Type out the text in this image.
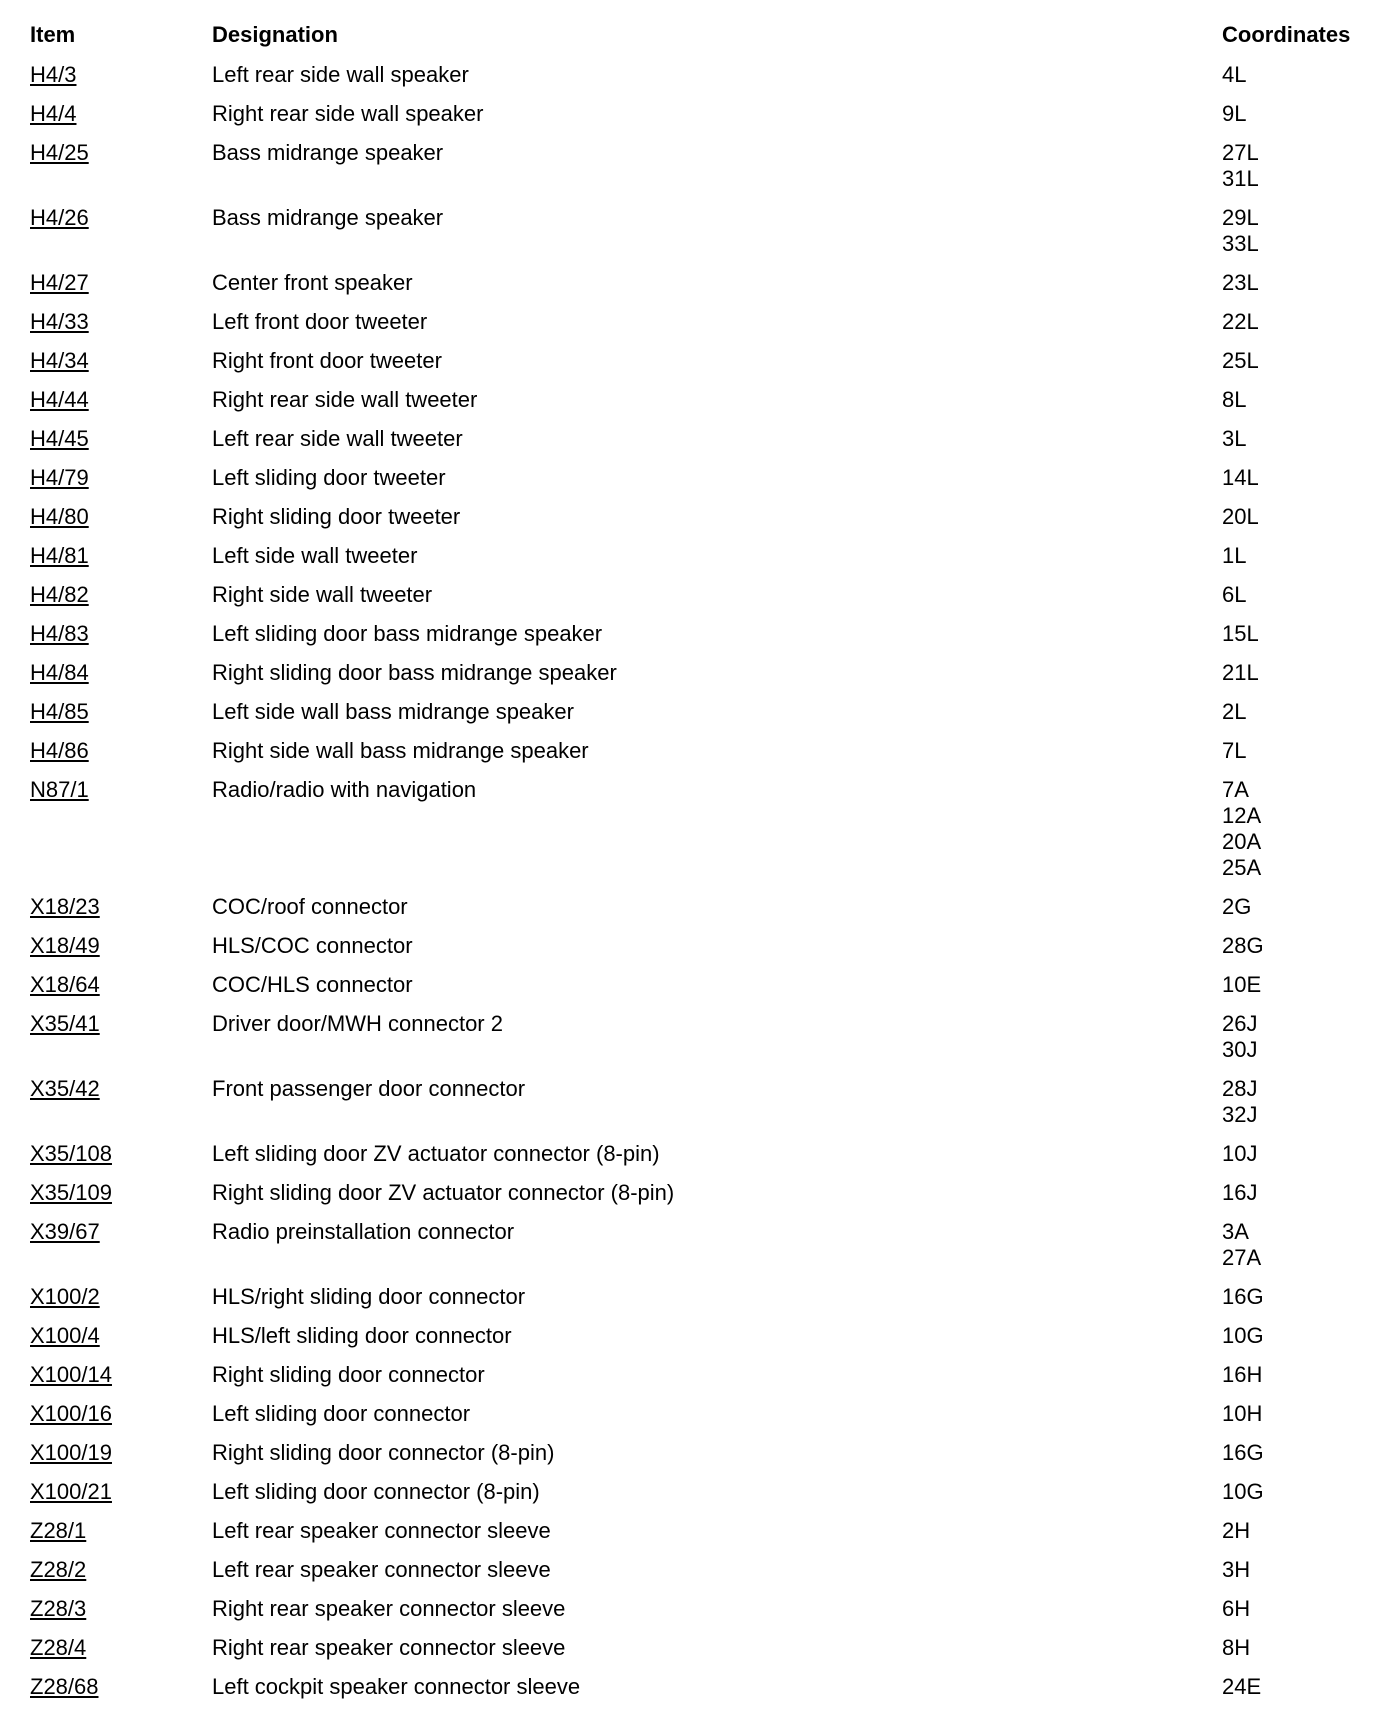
Item	Designation	Coordinates
H4/3	Left rear side wall speaker	4L
H4/4	Right rear side wall speaker	9L
H4/25	Bass midrange speaker	27L
31L
H4/26	Bass midrange speaker	29L
33L
H4/27	Center front speaker	23L
H4/33	Left front door tweeter	22L
H4/34	Right front door tweeter	25L
H4/44	Right rear side wall tweeter	8L
H4/45	Left rear side wall tweeter	3L
H4/79	Left sliding door tweeter	14L
H4/80	Right sliding door tweeter	20L
H4/81	Left side wall tweeter	1L
H4/82	Right side wall tweeter	6L
H4/83	Left sliding door bass midrange speaker	15L
H4/84	Right sliding door bass midrange speaker	21L
H4/85	Left side wall bass midrange speaker	2L
H4/86	Right side wall bass midrange speaker	7L
N87/1	Radio/radio with navigation	7A
12A
20A
25A
X18/23	COC/roof connector	2G
X18/49	HLS/COC connector	28G
X18/64	COC/HLS connector	10E
X35/41	Driver door/MWH connector 2	26J
30J
X35/42	Front passenger door connector	28J
32J
X35/108	Left sliding door ZV actuator connector (8-pin)	10J
X35/109	Right sliding door ZV actuator connector (8-pin)	16J
X39/67	Radio preinstallation connector	3A
27A
X100/2	HLS/right sliding door connector	16G
X100/4	HLS/left sliding door connector	10G
X100/14	Right sliding door connector	16H
X100/16	Left sliding door connector	10H
X100/19	Right sliding door connector (8-pin)	16G
X100/21	Left sliding door connector (8-pin)	10G
Z28/1	Left rear speaker connector sleeve	2H
Z28/2	Left rear speaker connector sleeve	3H
Z28/3	Right rear speaker connector sleeve	6H
Z28/4	Right rear speaker connector sleeve	8H
Z28/68	Left cockpit speaker connector sleeve	24E
